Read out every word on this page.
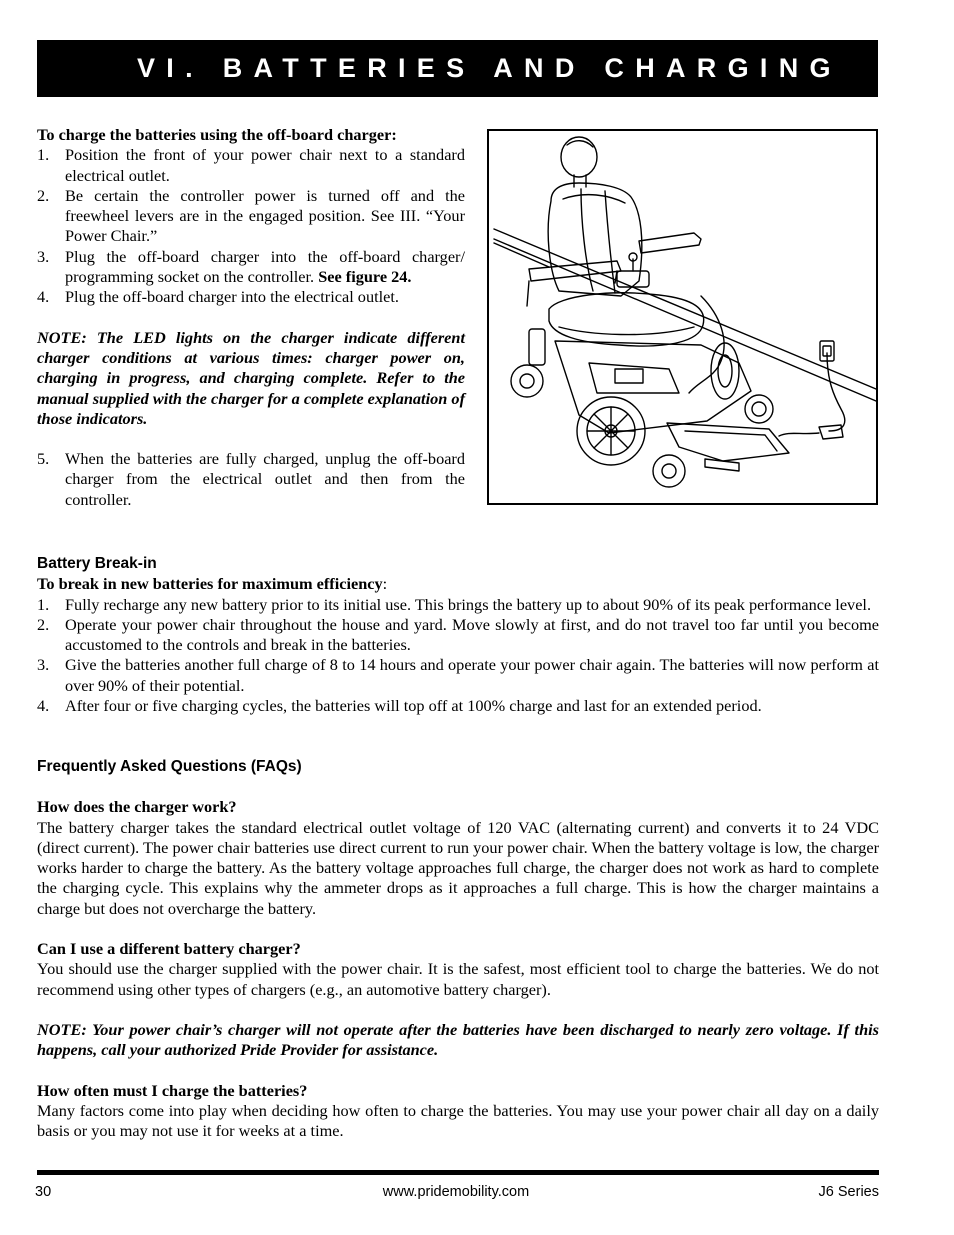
VI. BATTERIES AND CHARGING
To charge the batteries using the off-board charger:
1. Position the front of your power chair next to a standard electrical outlet.
2. Be certain the controller power is turned off and the freewheel levers are in the engaged position. See III. “Your Power Chair.”
3. Plug the off-board charger into the off-board charger/ programming socket on the controller. See figure 24.
4. Plug the off-board charger into the electrical outlet.
NOTE: The LED lights on the charger indicate different charger conditions at various times: charger power on, charging in progress, and charging complete. Refer to the manual supplied with the charger for a complete explanation of those indicators.
5. When the batteries are fully charged, unplug the off-board charger from the electrical outlet and then from the controller.
Battery Break-in
To break in new batteries for maximum efficiency:
1. Fully recharge any new battery prior to its initial use. This brings the battery up to about 90% of its peak performance level.
2. Operate your power chair throughout the house and yard. Move slowly at first, and do not travel too far until you become accustomed to the controls and break in the batteries.
3. Give the batteries another full charge of 8 to 14 hours and operate your power chair again. The batteries will now perform at over 90% of their potential.
4. After four or five charging cycles, the batteries will top off at 100% charge and last for an extended period.
Frequently Asked Questions (FAQs)
How does the charger work?
The battery charger takes the standard electrical outlet voltage of 120 VAC (alternating current) and converts it to 24 VDC (direct current). The power chair batteries use direct current to run your power chair. When the battery voltage is low, the charger works harder to charge the battery. As the battery voltage approaches full charge, the charger does not work as hard to complete the charging cycle. This explains why the ammeter drops as it approaches a full charge. This is how the charger maintains a charge but does not overcharge the battery.
Can I use a different battery charger?
You should use the charger supplied with the power chair. It is the safest, most efficient tool to charge the batteries. We do not recommend using other types of chargers (e.g., an automotive battery charger).
NOTE: Your power chair’s charger will not operate after the batteries have been discharged to nearly zero voltage. If this happens, call your authorized Pride Provider for assistance.
How often must I charge the batteries?
Many factors come into play when deciding how often to charge the batteries. You may use your power chair all day on a daily basis or you may not use it for weeks at a time.
30	www.pridemobility.com	J6 Series
